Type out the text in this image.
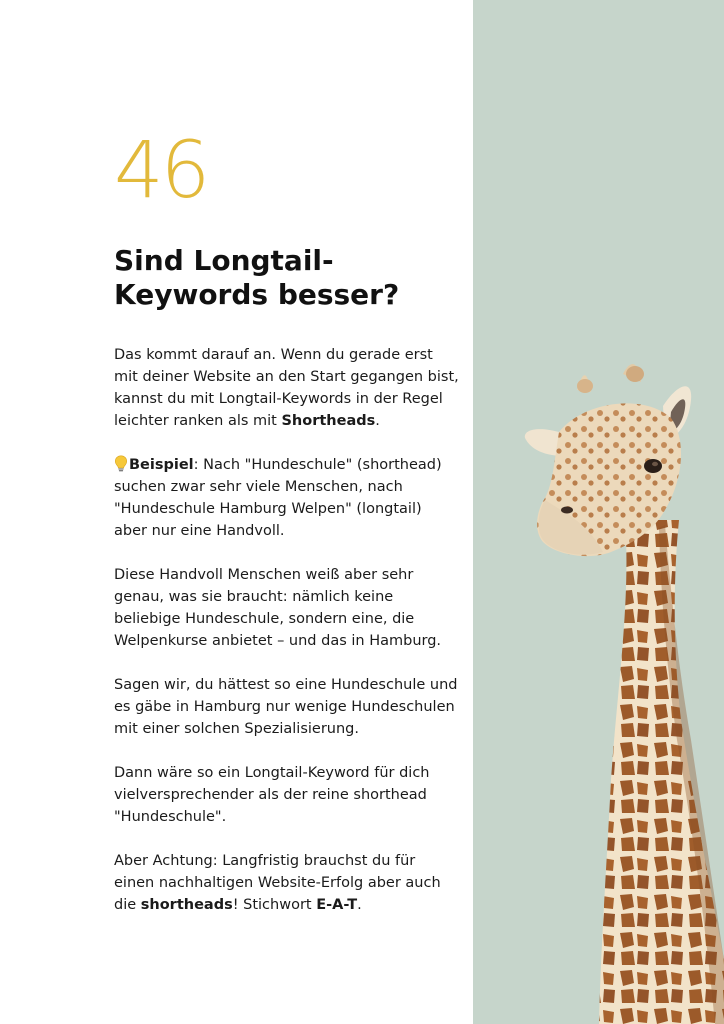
46
Sind Longtail-Keywords besser?

Das kommt darauf an. Wenn du gerade erst mit deiner Website an den Start gegangen bist, kannst du mit Longtail-Keywords in der Regel leichter ranken als mit Shortheads.

Beispiel: Nach "Hundeschule" (shorthead) suchen zwar sehr viele Menschen, nach "Hundeschule Hamburg Welpen" (longtail) aber nur eine Handvoll.

Diese Handvoll Menschen weiß aber sehr genau, was sie braucht: nämlich keine beliebige Hundeschule, sondern eine, die Welpenkurse anbietet – und das in Hamburg.

Sagen wir, du hättest so eine Hundeschule und es gäbe in Hamburg nur wenige Hundeschulen mit einer solchen Spezialisierung.

Dann wäre so ein Longtail-Keyword für dich vielversprechender als der reine shorthead "Hundeschule".

Aber Achtung: Langfristig brauchst du für einen nachhaltigen Website-Erfolg aber auch die shortheads! Stichwort E-A-T.
